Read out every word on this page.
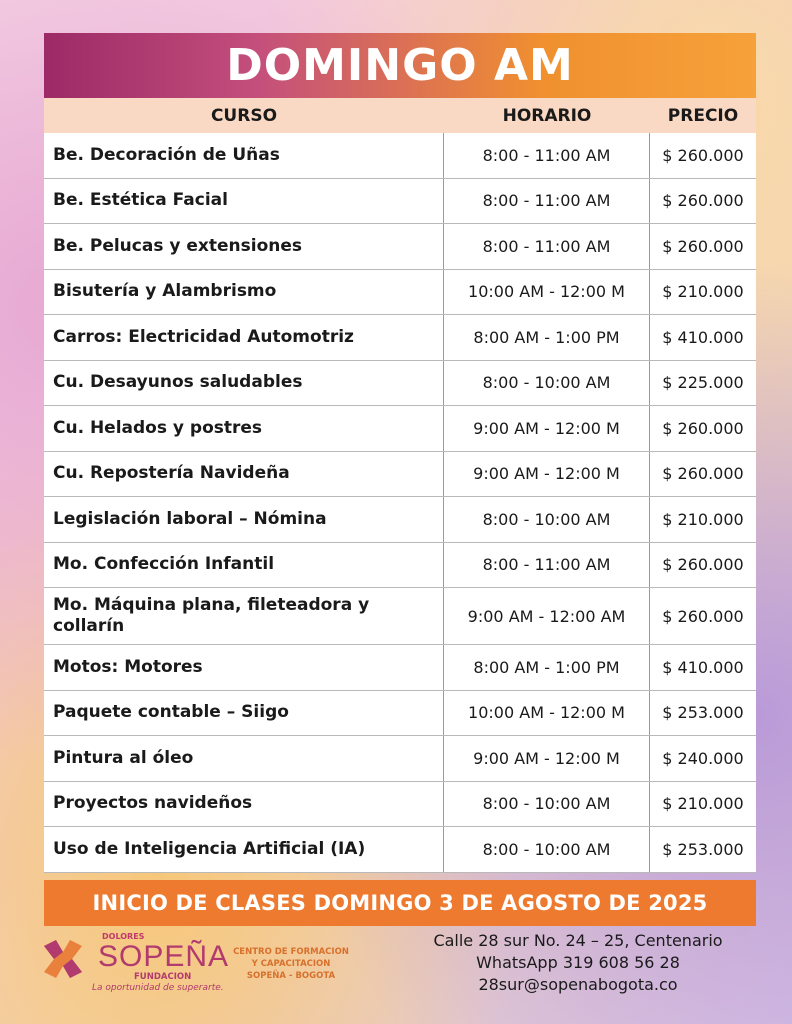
DOMINGO AM
CURSO	HORARIO	PRECIO
Be. Decoración de Uñas	8:00 - 11:00 AM	$ 260.000
Be. Estética Facial	8:00 - 11:00 AM	$ 260.000
Be. Pelucas y extensiones	8:00 - 11:00 AM	$ 260.000
Bisutería y Alambrismo	10:00 AM - 12:00 M	$ 210.000
Carros: Electricidad Automotriz	8:00 AM - 1:00 PM	$ 410.000
Cu. Desayunos saludables	8:00 - 10:00 AM	$ 225.000
Cu. Helados y postres	9:00 AM - 12:00 M	$ 260.000
Cu. Repostería Navideña	9:00 AM - 12:00 M	$ 260.000
Legislación laboral – Nómina	8:00 - 10:00 AM	$ 210.000
Mo. Confección Infantil	8:00 - 11:00 AM	$ 260.000
Mo. Máquina plana, fileteadora y collarín	9:00 AM - 12:00 AM	$ 260.000
Motos: Motores	8:00 AM - 1:00 PM	$ 410.000
Paquete contable – Siigo	10:00 AM - 12:00 M	$ 253.000
Pintura al óleo	9:00 AM - 12:00 M	$ 240.000
Proyectos navideños	8:00 - 10:00 AM	$ 210.000
Uso de Inteligencia Artificial (IA)	8:00 - 10:00 AM	$ 253.000
INICIO DE CLASES DOMINGO 3 DE AGOSTO DE 2025
DOLORES
SOPEÑA
FUNDACION
La oportunidad de superarte.
CENTRO DE FORMACION
Y CAPACITACION
SOPEÑA - BOGOTA
Calle 28 sur No. 24 – 25, Centenario
WhatsApp 319 608 56 28
28sur@sopenabogota.co
